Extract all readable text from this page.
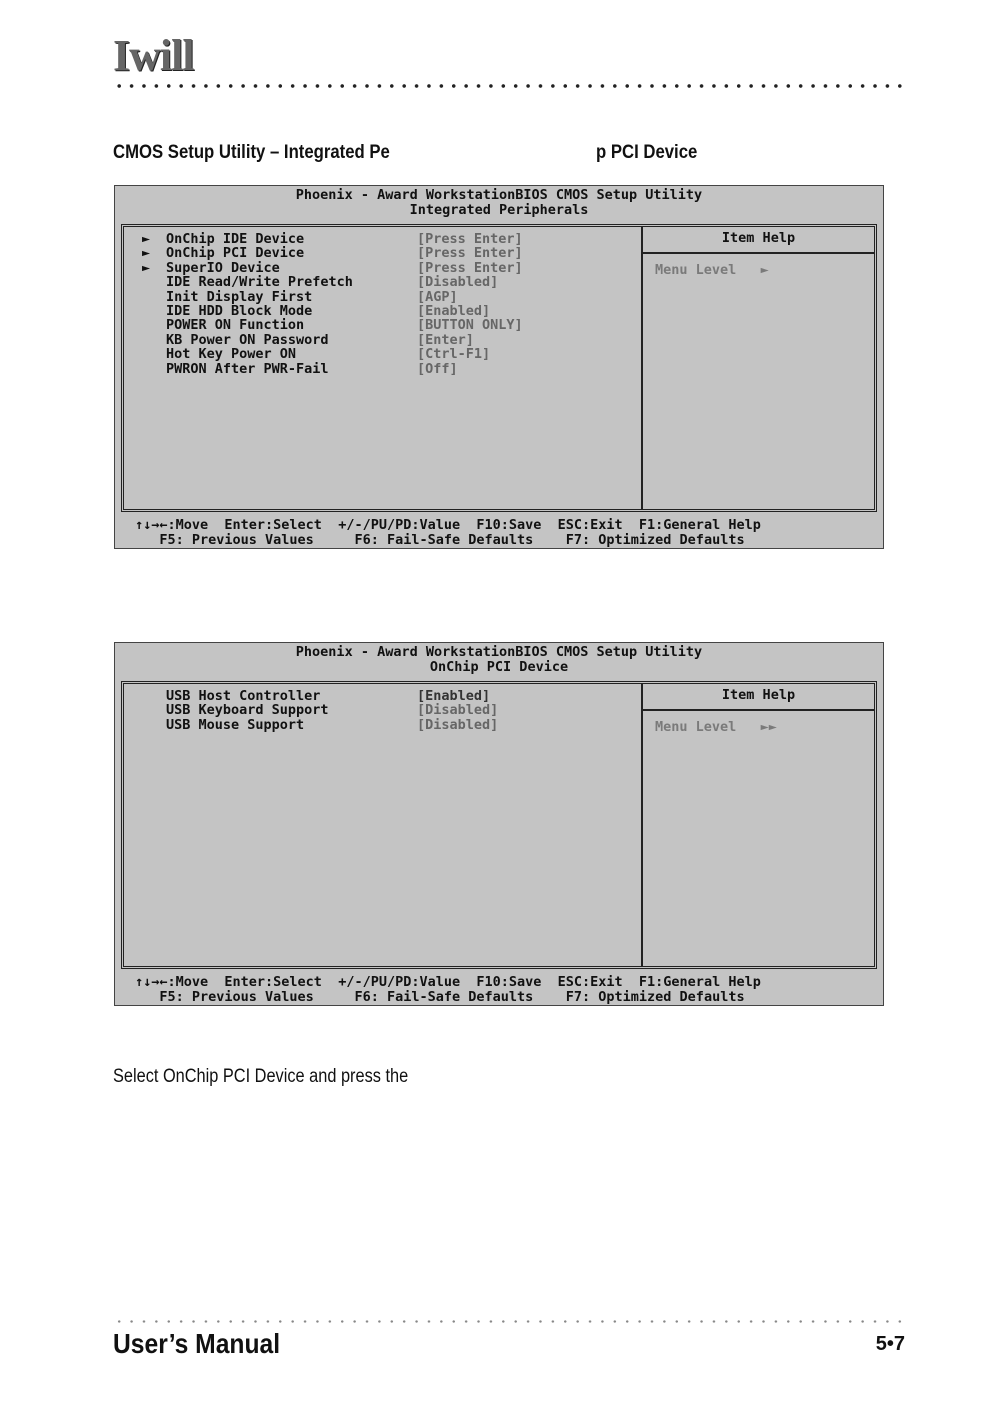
Iwill
CMOS Setup Utility – Integrated Pe	p PCI Device
Phoenix - Award WorkstationBIOS CMOS Setup Utility
Integrated Peripherals
►	OnChip IDE Device	[Press Enter]
►	OnChip PCI Device	[Press Enter]
►	SuperIO Device	[Press Enter]
IDE Read/Write Prefetch	[Disabled]
Init Display First	[AGP]
IDE HDD Block Mode	[Enabled]
POWER ON Function	[BUTTON ONLY]
KB Power ON Password	[Enter]
Hot Key Power ON	[Ctrl-F1]
PWRON After PWR-Fail	[Off]
Item Help
Menu Level   ►
↑↓→←:Move  Enter:Select  +/-/PU/PD:Value  F10:Save  ESC:Exit  F1:General Help
F5: Previous Values     F6: Fail-Safe Defaults    F7: Optimized Defaults
Phoenix - Award WorkstationBIOS CMOS Setup Utility
OnChip PCI Device
USB Host Controller	[Enabled]
USB Keyboard Support	[Disabled]
USB Mouse Support	[Disabled]
Item Help
Menu Level   ►►
↑↓→←:Move  Enter:Select  +/-/PU/PD:Value  F10:Save  ESC:Exit  F1:General Help
F5: Previous Values     F6: Fail-Safe Defaults    F7: Optimized Defaults
Select OnChip PCI Device and press the
User’s Manual	5•7
